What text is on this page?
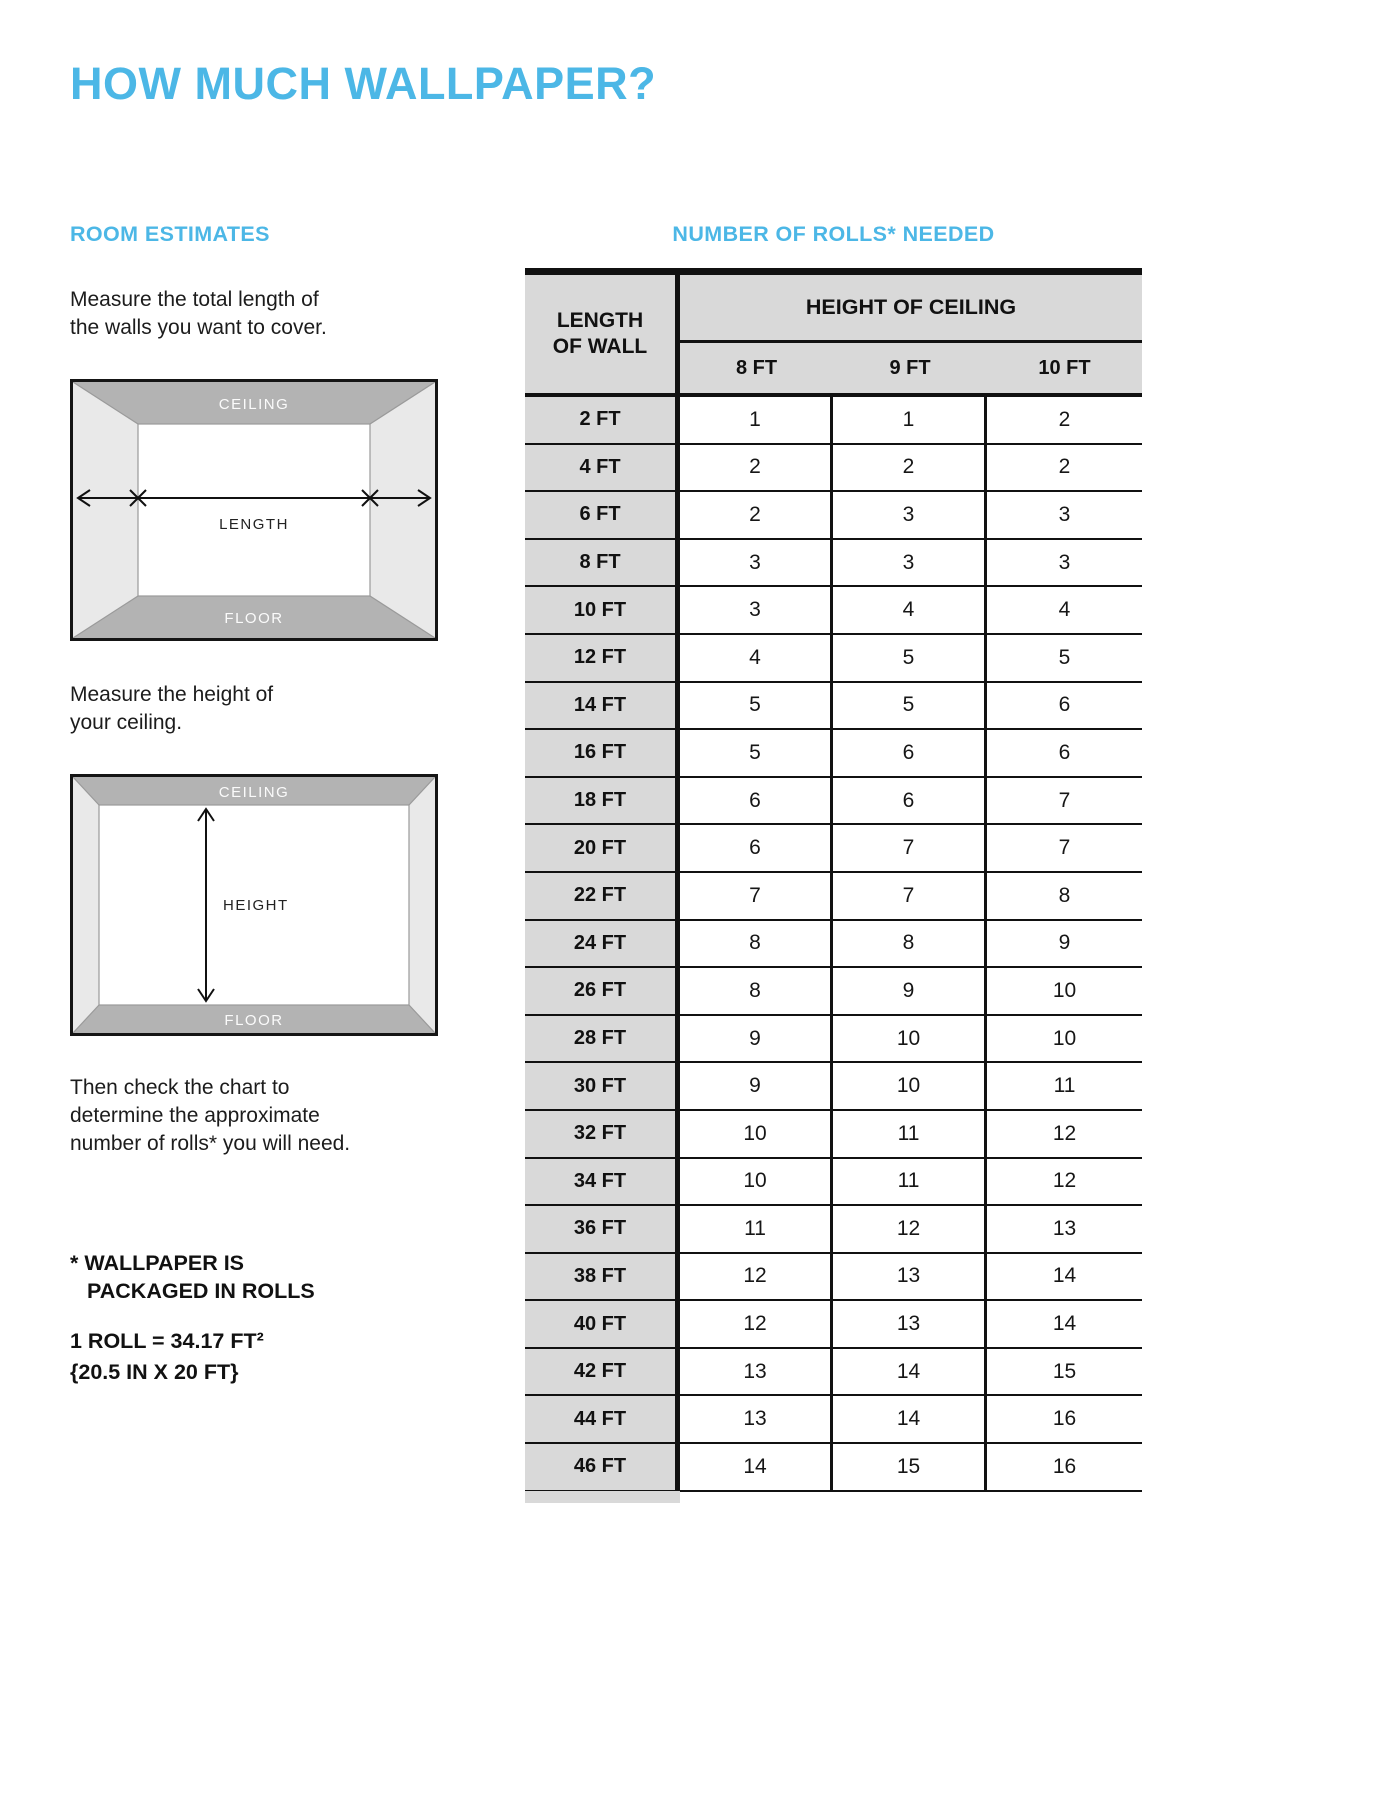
HOW MUCH WALLPAPER?
ROOM ESTIMATES	NUMBER OF ROLLS* NEEDED
Measure the total length of
the walls you want to cover.
CEILING
FLOOR
LENGTH
Measure the height of
your ceiling.
CEILING
FLOOR
HEIGHT
Then check the chart to
determine the approximate
number of rolls* you will need.
* WALLPAPER IS
PACKAGED IN ROLLS
1 ROLL = 34.17 FT²
{20.5 IN X 20 FT}
LENGTH
OF WALL
HEIGHT OF CEILING
8 FT	9 FT	10 FT
2 FT	1	1	2
4 FT	2	2	2
6 FT	2	3	3
8 FT	3	3	3
10 FT	3	4	4
12 FT	4	5	5
14 FT	5	5	6
16 FT	5	6	6
18 FT	6	6	7
20 FT	6	7	7
22 FT	7	7	8
24 FT	8	8	9
26 FT	8	9	10
28 FT	9	10	10
30 FT	9	10	11
32 FT	10	11	12
34 FT	10	11	12
36 FT	11	12	13
38 FT	12	13	14
40 FT	12	13	14
42 FT	13	14	15
44 FT	13	14	16
46 FT	14	15	16
